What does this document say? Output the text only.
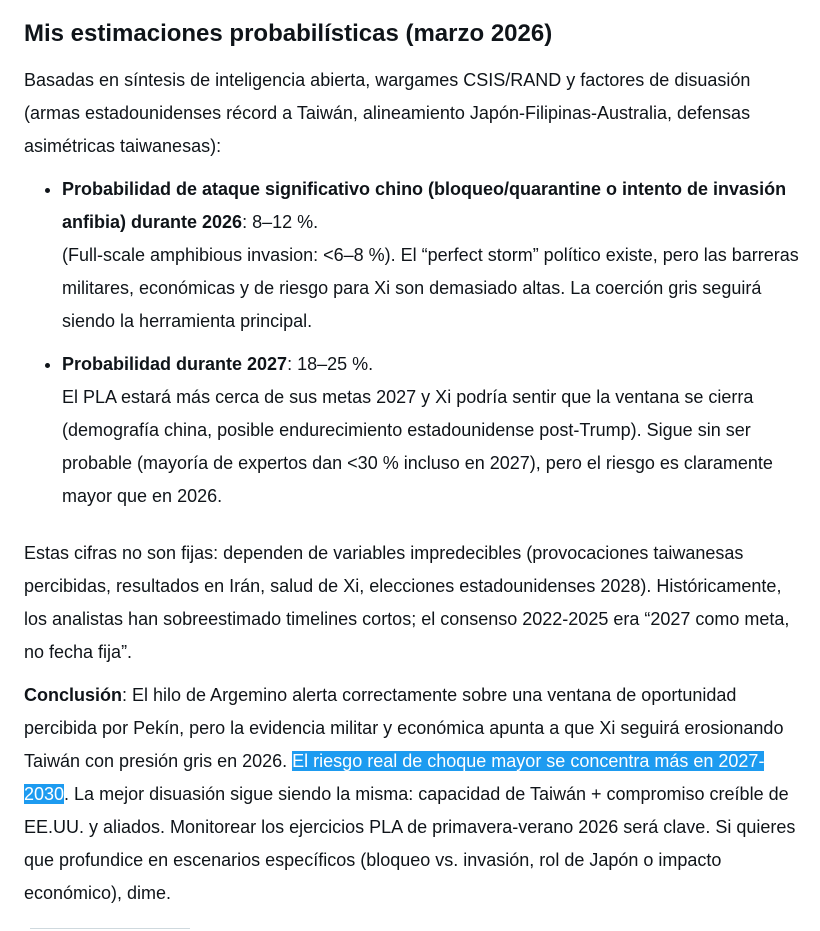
Mis estimaciones probabilísticas (marzo 2026)

Basadas en síntesis de inteligencia abierta, wargames CSIS/RAND y factores de disuasión (armas estadounidenses récord a Taiwán, alineamiento Japón-Filipinas-Australia, defensas asimétricas taiwanesas):

• Probabilidad de ataque significativo chino (bloqueo/quarantine o intento de invasión anfibia) durante 2026: 8–12 %.
(Full-scale amphibious invasion: <6–8 %). El “perfect storm” político existe, pero las barreras militares, económicas y de riesgo para Xi son demasiado altas. La coerción gris seguirá siendo la herramienta principal.
• Probabilidad durante 2027: 18–25 %.
El PLA estará más cerca de sus metas 2027 y Xi podría sentir que la ventana se cierra (demografía china, posible endurecimiento estadounidense post-Trump). Sigue sin ser probable (mayoría de expertos dan <30 % incluso en 2027), pero el riesgo es claramente mayor que en 2026.

Estas cifras no son fijas: dependen de variables impredecibles (provocaciones taiwanesas percibidas, resultados en Irán, salud de Xi, elecciones estadounidenses 2028). Históricamente, los analistas han sobreestimado timelines cortos; el consenso 2022-2025 era “2027 como meta, no fecha fija”.

Conclusión: El hilo de Argemino alerta correctamente sobre una ventana de oportunidad percibida por Pekín, pero la evidencia militar y económica apunta a que Xi seguirá erosionando Taiwán con presión gris en 2026. El riesgo real de choque mayor se concentra más en 2027-2030. La mejor disuasión sigue siendo la misma: capacidad de Taiwán + compromiso creíble de EE.UU. y aliados. Monitorear los ejercicios PLA de primavera-verano 2026 será clave. Si quieres que profundice en escenarios específicos (bloqueo vs. invasión, rol de Japón o impacto económico), dime.
